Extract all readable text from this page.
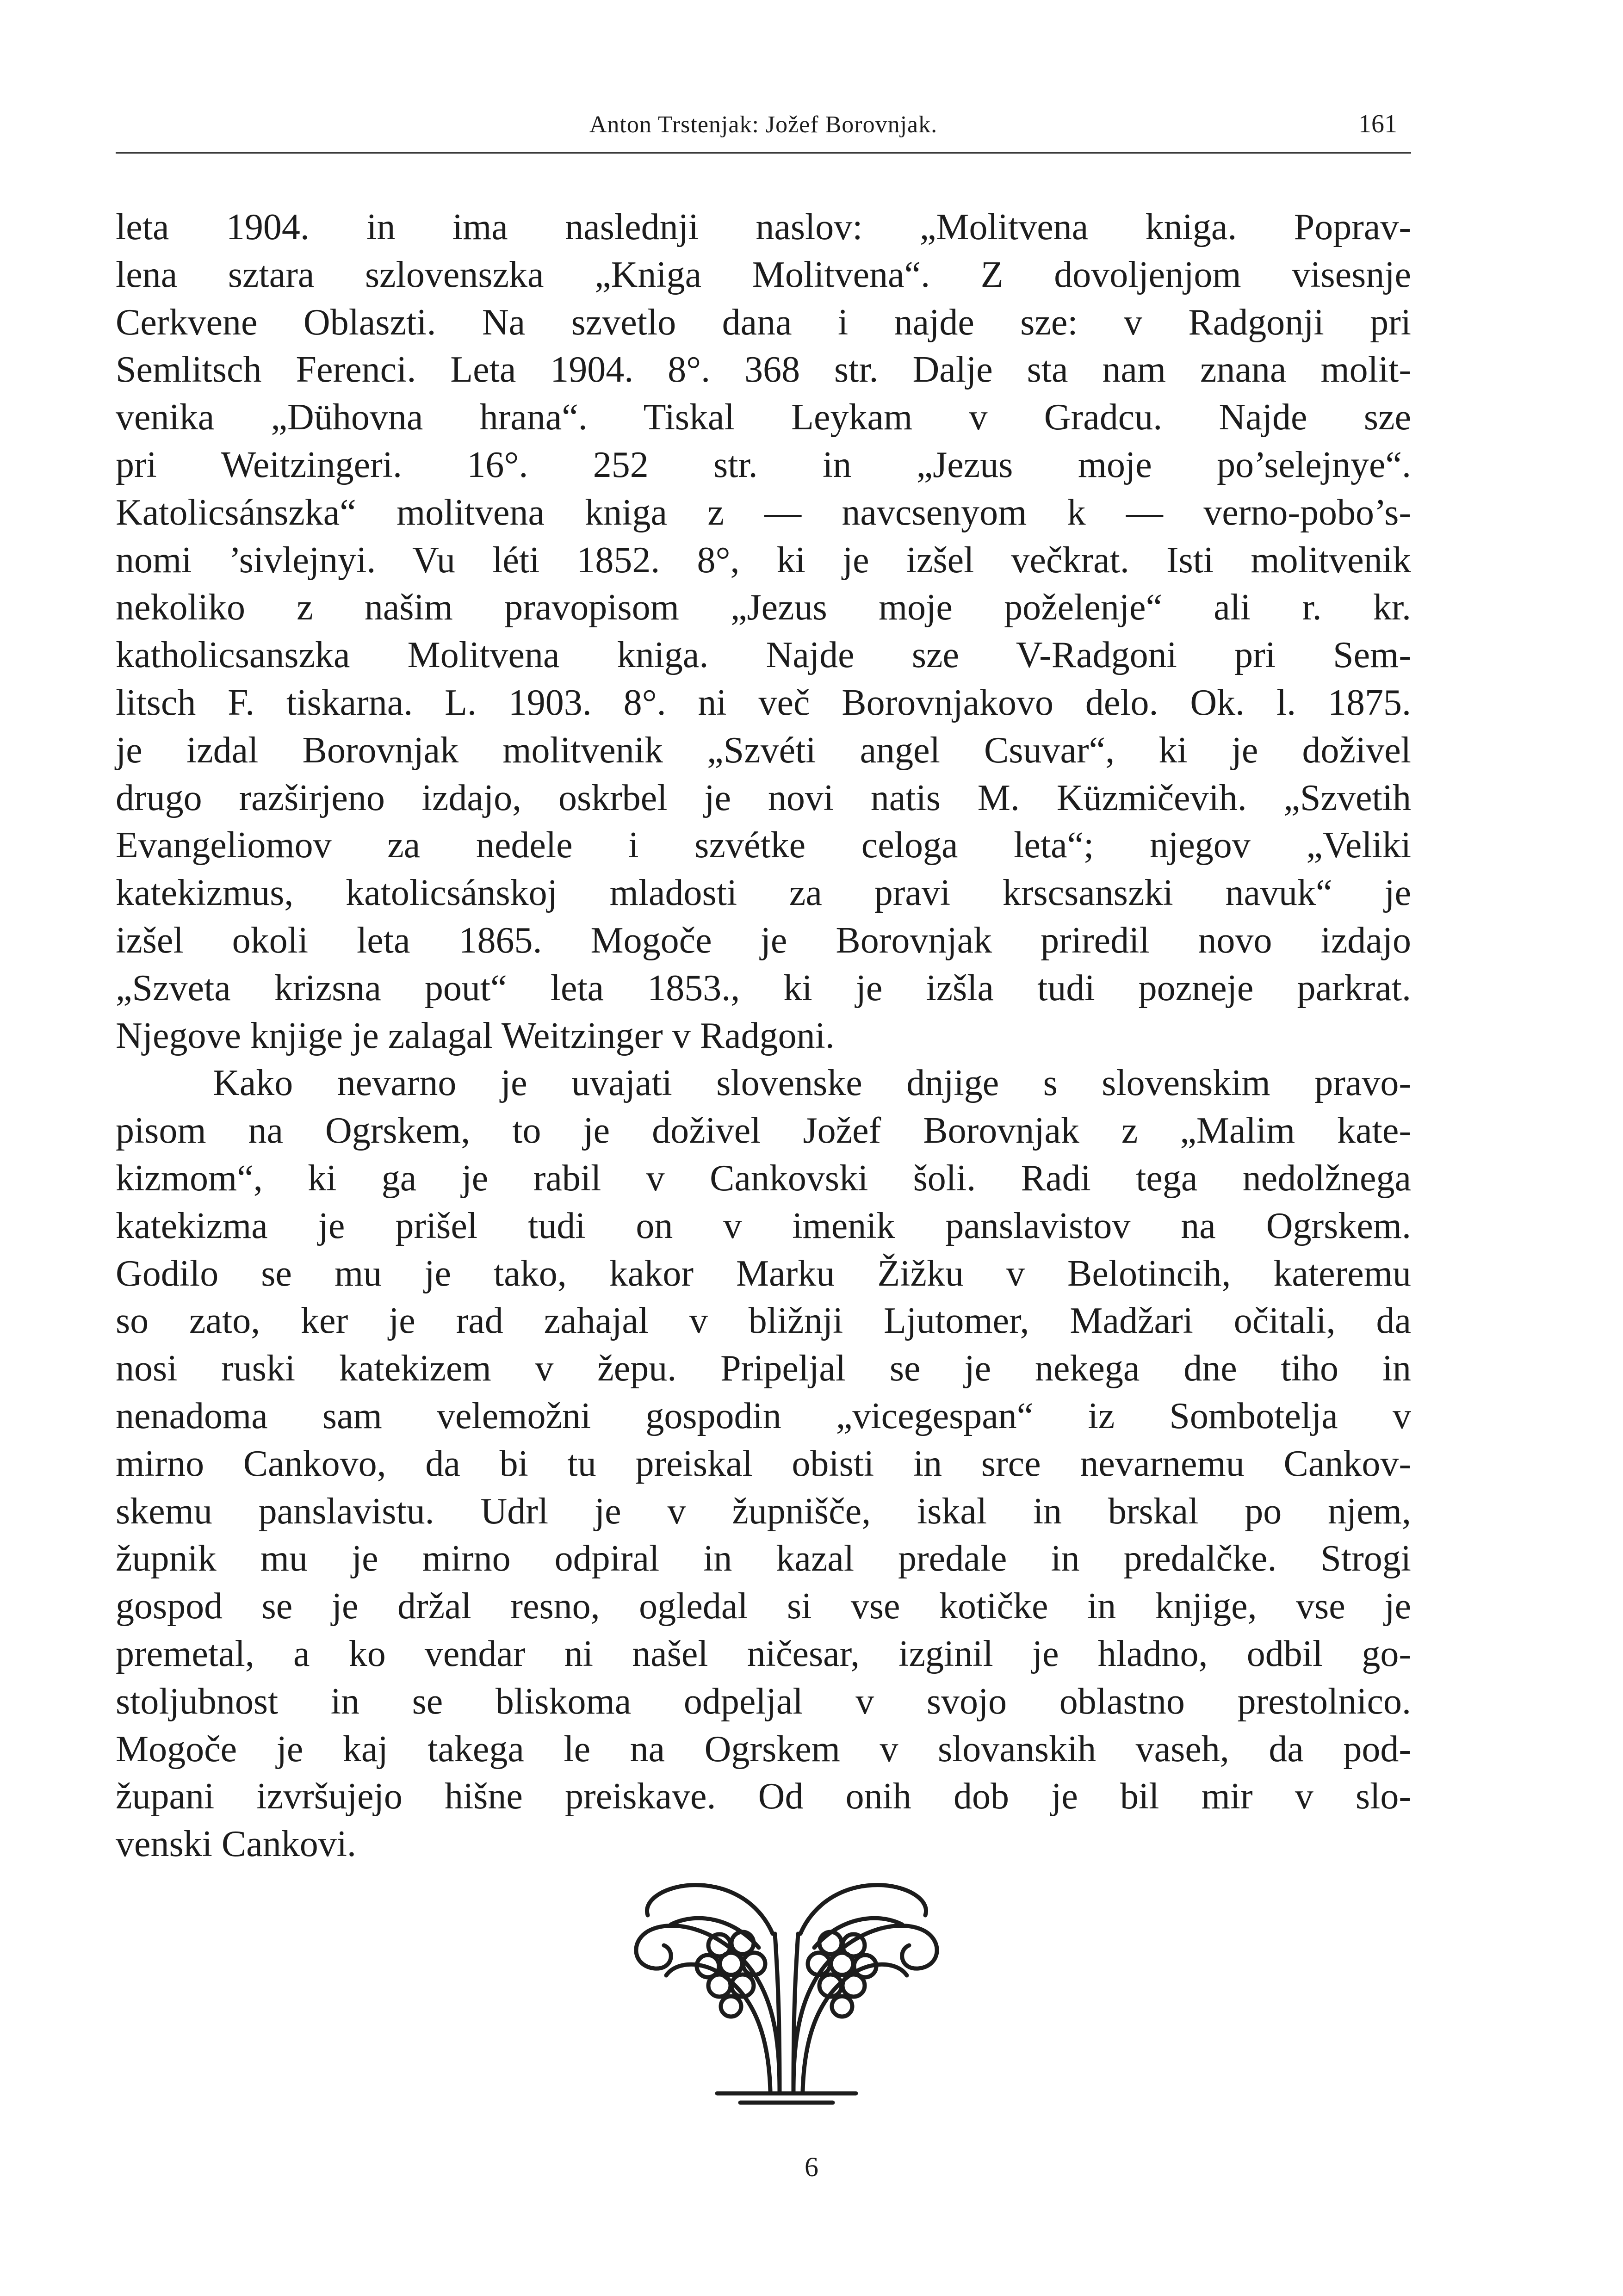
Anton Trstenjak: Jožef Borovnjak.	161
leta 1904. in ima naslednji naslov: „Molitvena kniga. Poprav-
lena sztara szlovenszka „Kniga Molitvena“. Z dovoljenjom visesnje
Cerkvene Oblaszti. Na szvetlo dana i najde sze: v Radgonji pri
Semlitsch Ferenci. Leta 1904. 8°. 368 str. Dalje sta nam znana molit-
venika „Dühovna hrana“. Tiskal Leykam v Gradcu. Najde sze
pri Weitzingeri. 16°. 252 str. in „Jezus moje po’selejnye“.
Katolicsánszka“ molitvena kniga z — navcsenyom k — verno-pobo’s-
nomi ’sivlejnyi. Vu léti 1852. 8°, ki je izšel večkrat. Isti molitvenik
nekoliko z našim pravopisom „Jezus moje poželenje“ ali r. kr.
katholicsanszka Molitvena kniga. Najde sze V-Radgoni pri Sem-
litsch F. tiskarna. L. 1903. 8°. ni več Borovnjakovo delo. Ok. l. 1875.
je izdal Borovnjak molitvenik „Szvéti angel Csuvar“, ki je doživel
drugo razširjeno izdajo, oskrbel je novi natis M. Küzmičevih. „Szvetih
Evangeliomov za nedele i szvétke celoga leta“; njegov „Veliki
katekizmus, katolicsánskoj mladosti za pravi krscsanszki navuk“ je
izšel okoli leta 1865. Mogoče je Borovnjak priredil novo izdajo
„Szveta krizsna pout“ leta 1853., ki je izšla tudi pozneje parkrat.
Njegove knjige je zalagal Weitzinger v Radgoni.
Kako nevarno je uvajati slovenske dnjige s slovenskim pravo-
pisom na Ogrskem, to je doživel Jožef Borovnjak z „Malim kate-
kizmom“, ki ga je rabil v Cankovski šoli. Radi tega nedolžnega
katekizma je prišel tudi on v imenik panslavistov na Ogrskem.
Godilo se mu je tako, kakor Marku Žižku v Belotincih, kateremu
so zato, ker je rad zahajal v bližnji Ljutomer, Madžari očitali, da
nosi ruski katekizem v žepu. Pripeljal se je nekega dne tiho in
nenadoma sam velemožni gospodin „vicegespan“ iz Sombotelja v
mirno Cankovo, da bi tu preiskal obisti in srce nevarnemu Cankov-
skemu panslavistu. Udrl je v župnišče, iskal in brskal po njem,
župnik mu je mirno odpiral in kazal predale in predalčke. Strogi
gospod se je držal resno, ogledal si vse kotičke in knjige, vse je
premetal, a ko vendar ni našel ničesar, izginil je hladno, odbil go-
stoljubnost in se bliskoma odpeljal v svojo oblastno prestolnico.
Mogoče je kaj takega le na Ogrskem v slovanskih vaseh, da pod-
župani izvršujejo hišne preiskave. Od onih dob je bil mir v slo-
venski Cankovi.
6
